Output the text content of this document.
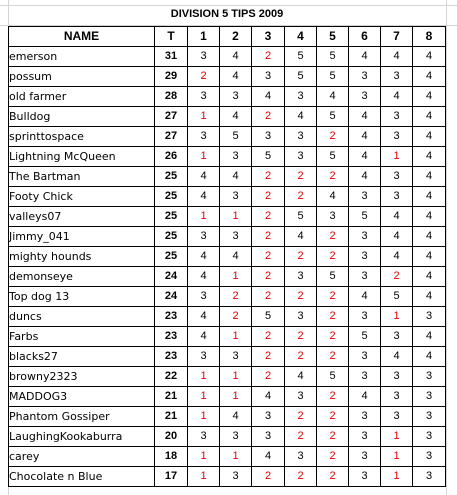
DIVISION 5 TIPS 2009
NAME	T	1	2	3	4	5	6	7	8
emerson	31	3	4	2	5	5	4	4	4
possum	29	2	4	3	5	5	3	3	4
old farmer	28	3	3	4	3	4	3	4	4
Bulldog	27	1	4	2	4	5	4	3	4
sprinttospace	27	3	5	3	3	2	4	3	4
Lightning McQueen	26	1	3	5	3	5	4	1	4
The Bartman	25	4	4	2	2	2	4	3	4
Footy Chick	25	4	3	2	2	4	3	3	4
valleys07	25	1	1	2	5	3	5	4	4
Jimmy_041	25	3	3	2	4	2	3	4	4
mighty hounds	25	4	4	2	2	2	3	4	4
demonseye	24	4	1	2	3	5	3	2	4
Top dog 13	24	3	2	2	2	2	4	5	4
duncs	23	4	2	5	3	2	3	1	3
Farbs	23	4	1	2	2	2	5	3	4
blacks27	23	3	3	2	2	2	3	4	4
browny2323	22	1	1	2	4	5	3	3	3
MADDOG3	21	1	1	4	3	2	4	3	3
Phantom Gossiper	21	1	4	3	2	2	3	3	3
LaughingKookaburra	20	3	3	3	2	2	3	1	3
carey	18	1	1	4	3	2	3	1	3
Chocolate n Blue	17	1	3	2	2	2	3	1	3
